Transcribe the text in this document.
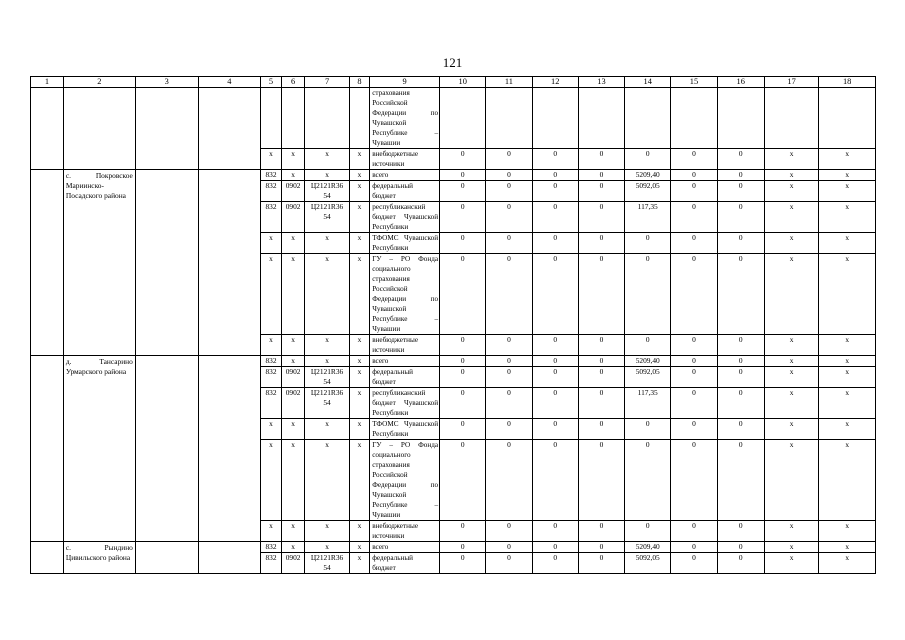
121
1	2	3	4	5	6	7	8	9	10	11	12	13	14	15	16	17	18
								страхования Российской Федерации по Чувашской Республике – Чувашии									
				x	x	x	x	внебюджетные источники	0	0	0	0	0	0	0	x	x
	с. Покровское Мариинско-Посадского района			832	x	x	x	всего	0	0	0	0	5209,40	0	0	x	x
				832	0902	Ц2121R36
54	x	федеральный бюджет	0	0	0	0	5092,05	0	0	x	x
				832	0902	Ц2121R36
54	x	республиканский бюджет Чувашской Республики	0	0	0	0	117,35	0	0	x	x
				x	x	x	x	ТФОМС Чувашской Республики	0	0	0	0	0	0	0	x	x
				x	x	x	x	ГУ – РО Фонда социального страхования Российской Федерации по Чувашской Республике – Чувашии	0	0	0	0	0	0	0	x	x
				x	x	x	x	внебюджетные источники	0	0	0	0	0	0	0	x	x
	д. Тансарино Урмарского района			832	x	x	x	всего	0	0	0	0	5209,40	0	0	x	x
				832	0902	Ц2121R36
54	x	федеральный бюджет	0	0	0	0	5092,05	0	0	x	x
				832	0902	Ц2121R36
54	x	республиканский бюджет Чувашской Республики	0	0	0	0	117,35	0	0	x	x
				x	x	x	x	ТФОМС Чувашской Республики	0	0	0	0	0	0	0	x	x
				x	x	x	x	ГУ – РО Фонда социального страхования Российской Федерации по Чувашской Республике – Чувашии	0	0	0	0	0	0	0	x	x
				x	x	x	x	внебюджетные источники	0	0	0	0	0	0	0	x	x
	с. Рындино Цивильского района			832	x	x	x	всего	0	0	0	0	5209,40	0	0	x	x
				832	0902	Ц2121R36
54	x	федеральный бюджет	0	0	0	0	5092,05	0	0	x	x
